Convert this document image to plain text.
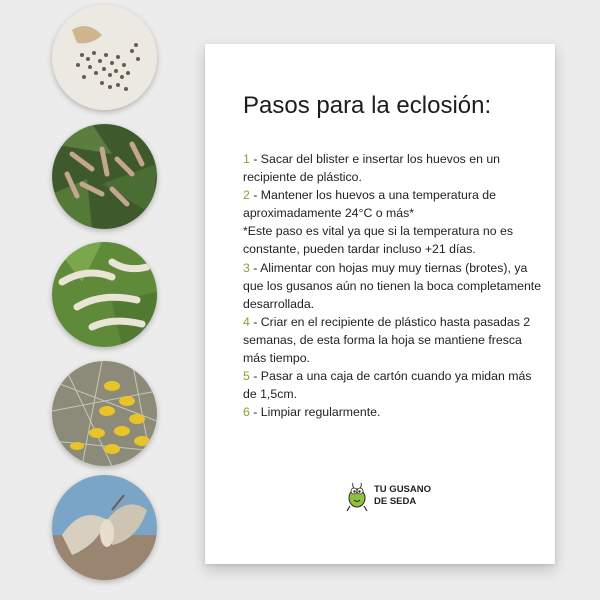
Pasos para la eclosión:

1 - Sacar del blister e insertar los huevos en un recipiente de plástico.

2 - Mantener los huevos a una temperatura de aproximadamente 24°C o más*

*Este paso es vital ya que si la temperatura no es constante, pueden tardar incluso +21 días.

3 - Alimentar con hojas muy muy tiernas (brotes), ya que los gusanos aún no tienen la boca completamente desarrollada.

4 - Criar en el recipiente de plástico hasta pasadas 2 semanas, de esta forma la hoja se mantiene fresca más tiempo.

5 - Pasar a una caja de cartón cuando ya midan más de 1,5cm.

6 - Limpiar regularmente.

TU GUSANO
DE SEDA
